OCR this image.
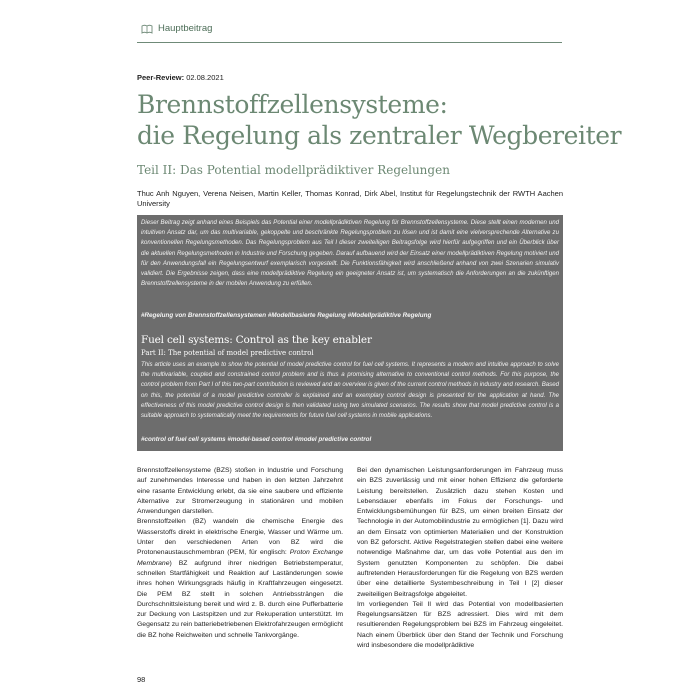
Hauptbeitrag
Peer-Review: 02.08.2021
Brennstoffzellensysteme:
die Regelung als zentraler Wegbereiter
Teil II: Das Potential modellprädiktiver Regelungen
Thuc Anh Nguyen, Verena Neisen, Martin Keller, Thomas Konrad, Dirk Abel, Institut für Regelungstechnik der RWTH Aachen University

Dieser Beitrag zeigt anhand eines Beispiels das Potential einer modellprädiktiven Regelung für Brennstoffzellensysteme. Diese stellt einen modernen und intuitiven Ansatz dar, um das multivariable, gekoppelte und beschränkte Regelungsproblem zu lösen und ist damit eine vielversprechende Alternative zu konventionellen Regelungsmethoden. Das Regelungsproblem aus Teil I dieser zweiteiligen Beitragsfolge wird hierfür aufgegriffen und ein Überblick über die aktuellen Regelungsmethoden in Industrie und Forschung gegeben. Darauf aufbauend wird der Einsatz einer modellprädiktiven Regelung motiviert und für den Anwendungsfall ein Regelungsentwurf exemplarisch vorgestellt. Die Funktionsfähigkeit wird anschließend anhand von zwei Szenarien simulativ validiert. Die Ergebnisse zeigen, dass eine modellprädiktive Regelung ein geeigneter Ansatz ist, um systematisch die Anforderungen an die zukünftigen Brennstoffzellensysteme in der mobilen Anwendung zu erfüllen.

#Regelung von Brennstoffzellensystemen #Modellbasierte Regelung #Modellprädiktive Regelung
Fuel cell systems: Control as the key enabler
Part II: The potential of model predictive control

This article uses an example to show the potential of model predictive control for fuel cell systems. It represents a modern and intuitive approach to solve the multivariable, coupled and constrained control problem and is thus a promising alternative to conventional control methods. For this purpose, the control problem from Part I of this two-part contribution is reviewed and an overview is given of the current control methods in industry and research. Based on this, the potential of a model predictive controller is explained and an exemplary control design is presented for the application at hand. The effectiveness of this model predictive control design is then validated using two simulated scenarios. The results show that model predictive control is a suitable approach to systematically meet the requirements for future fuel cell systems in mobile applications.

#control of fuel cell systems #model-based control #model predictive control

Brennstoffzellensysteme (BZS) stoßen in Industrie und Forschung auf zunehmendes Interesse und haben in den letzten Jahrzehnt eine rasante Entwicklung erlebt, da sie eine saubere und effiziente Alternative zur Stromerzeugung in stationären und mobilen Anwendungen darstellen.

Brennstoffzellen (BZ) wandeln die chemische Energie des Wasserstoffs direkt in elektrische Energie, Wasser und Wärme um. Unter den verschiedenen Arten von BZ wird die Protonenaustauschmembran (PEM, für englisch: Proton Exchange Membrane) BZ aufgrund ihrer niedrigen Betriebstemperatur, schnellen Startfähigkeit und Reaktion auf Laständerungen sowie ihres hohen Wirkungsgrads häufig in Kraftfahrzeugen eingesetzt. Die PEM BZ stellt in solchen Antriebssträngen die Durchschnittsleistung bereit und wird z. B. durch eine Pufferbatterie zur Deckung von Lastspitzen und zur Rekuperation unterstützt. Im Gegensatz zu rein batteriebetriebenen Elektrofahrzeugen ermöglicht die BZ hohe Reichweiten und schnelle Tankvorgänge.

Bei den dynamischen Leistungsanforderungen im Fahrzeug muss ein BZS zuverlässig und mit einer hohen Effizienz die geforderte Leistung bereitstellen. Zusätzlich dazu stehen Kosten und Lebensdauer ebenfalls im Fokus der Forschungs- und Entwicklungsbemühungen für BZS, um einen breiten Einsatz der Technologie in der Automobilindustrie zu ermöglichen [1]. Dazu wird an dem Einsatz von optimierten Materialien und der Konstruktion von BZ geforscht. Aktive Regelstrategien stellen dabei eine weitere notwendige Maßnahme dar, um das volle Potential aus den im System genutzten Komponenten zu schöpfen. Die dabei auftretenden Herausforderungen für die Regelung von BZS werden über eine detaillierte Systembeschreibung in Teil I [2] dieser zweiteiligen Beitragsfolge abgeleitet.

Im vorliegenden Teil II wird das Potential von modellbasierten Regelungsansätzen für BZS adressiert. Dies wird mit dem resultierenden Regelungsproblem bei BZS im Fahrzeug eingeleitet. Nach einem Überblick über den Stand der Technik und Forschung wird insbesondere die modellprädiktive

98
